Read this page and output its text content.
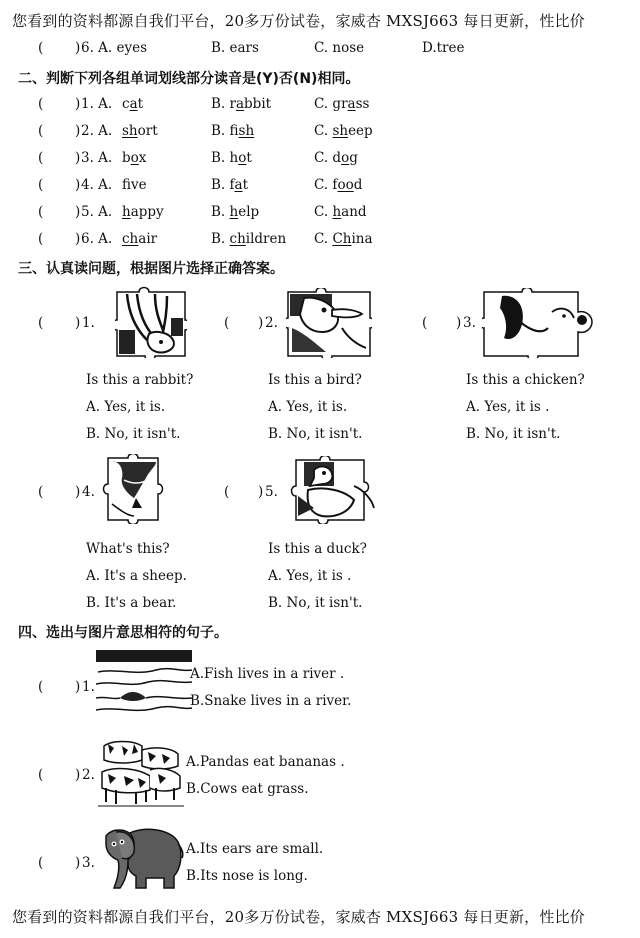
您看到的资料都源自我们平台，20多万份试卷，家威杏 MXSJ663 每日更新，性比价
( ) 6. A. eyes	B. ears	C. nose	D.tree
二、判断下列各组单词划线部分读音是(Y)否(N)相同。
( ) 1. A. cat	B. rabbit	C. grass
( ) 2. A. short	B. fish	C. sheep
( ) 3. A. box	B. hot	C. dog
( ) 4. A. fve	B. fat	C. food
( ) 5. A. happy	B. help	C. hand
( ) 6. A. chair	B. children C. China
三、认真读问题，根据图片选择正确答案。
( ) 1.
Is this a rabbit?
A. Yes, it is.
B. No, it isn't.
( ) 2.
Is this a bird?
A. Yes, it is.
B. No, it isn't.
( ) 3.
Is this a chicken?
A. Yes, it is .
B. No, it isn't.
( ) 4.
What's this?
A. It's a sheep.
B. It's a bear.
( ) 5.
Is this a duck?
A. Yes, it is .
B. No, it isn't.
四、选出与图片意思相符的句子。
( ) 1.
A.Fish lives in a river .
B.Snake lives in a river.
( ) 2.
A.Pandas eat bananas .
B.Cows eat grass.
( ) 3.
A.Its ears are small.
B.Its nose is long.
您看到的资料都源自我们平台，20多万份试卷，家威杏 MXSJ663 每日更新，性比价
